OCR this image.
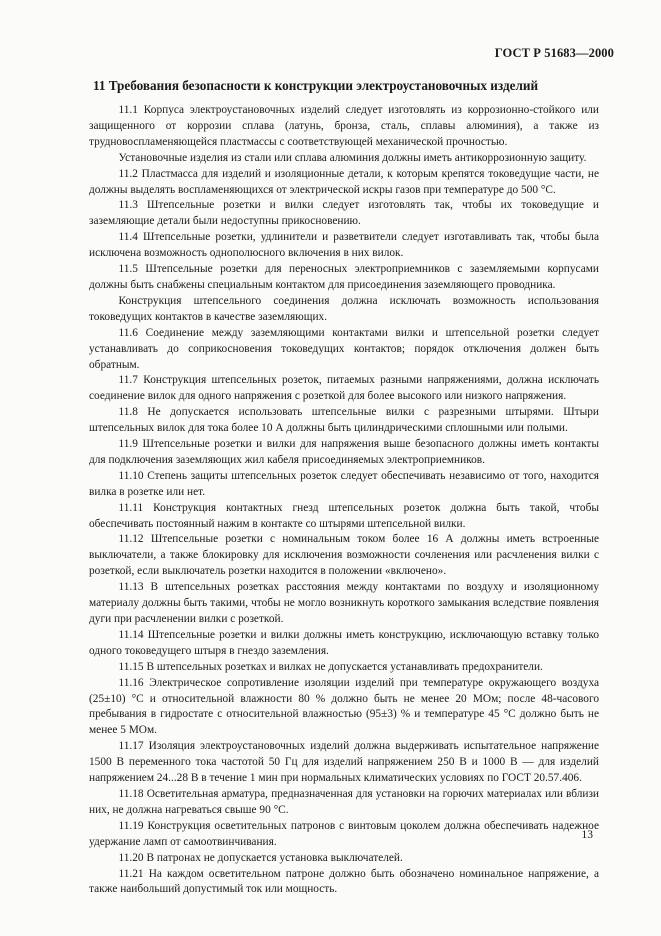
ГОСТ Р 51683—2000
11 Требования безопасности к конструкции электроустановочных изделий

11.1 Корпуса электроустановочных изделий следует изготовлять из коррозионно-стойкого или защищенного от коррозии сплава (латунь, бронза, сталь, сплавы алюминия), а также из трудновоспламеняющейся пластмассы с соответствующей механической прочностью.

Установочные изделия из стали или сплава алюминия должны иметь антикоррозионную защиту.

11.2 Пластмасса для изделий и изоляционные детали, к которым крепятся токоведущие части, не должны выделять воспламеняющихся от электрической искры газов при температуре до 500 °С.

11.3 Штепсельные розетки и вилки следует изготовлять так, чтобы их токоведущие и заземляющие детали были недоступны прикосновению.

11.4 Штепсельные розетки, удлинители и разветвители следует изготавливать так, чтобы была исключена возможность однополюсного включения в них вилок.

11.5 Штепсельные розетки для переносных электроприемников с заземляемыми корпусами должны быть снабжены специальным контактом для присоединения заземляющего проводника.

Конструкция штепсельного соединения должна исключать возможность использования токоведущих контактов в качестве заземляющих.

11.6 Соединение между заземляющими контактами вилки и штепсельной розетки следует устанавливать до соприкосновения токоведущих контактов; порядок отключения должен быть обратным.

11.7 Конструкция штепсельных розеток, питаемых разными напряжениями, должна исключать соединение вилок для одного напряжения с розеткой для более высокого или низкого напряжения.

11.8 Не допускается использовать штепсельные вилки с разрезными штырями. Штыри штепсельных вилок для тока более 10 А должны быть цилиндрическими сплошными или полыми.

11.9 Штепсельные розетки и вилки для напряжения выше безопасного должны иметь контакты для подключения заземляющих жил кабеля присоединяемых электроприемников.

11.10 Степень защиты штепсельных розеток следует обеспечивать независимо от того, находится вилка в розетке или нет.

11.11 Конструкция контактных гнезд штепсельных розеток должна быть такой, чтобы обеспечивать постоянный нажим в контакте со штырями штепсельной вилки.

11.12 Штепсельные розетки с номинальным током более 16 А должны иметь встроенные выключатели, а также блокировку для исключения возможности сочленения или расчленения вилки с розеткой, если выключатель розетки находится в положении «включено».

11.13 В штепсельных розетках расстояния между контактами по воздуху и изоляционному материалу должны быть такими, чтобы не могло возникнуть короткого замыкания вследствие появления дуги при расчленении вилки с розеткой.

11.14 Штепсельные розетки и вилки должны иметь конструкцию, исключающую вставку только одного токоведущего штыря в гнездо заземления.

11.15 В штепсельных розетках и вилках не допускается устанавливать предохранители.

11.16 Электрическое сопротивление изоляции изделий при температуре окружающего воздуха (25±10) °С и относительной влажности 80 % должно быть не менее 20 МОм; после 48-часового пребывания в гидростате с относительной влажностью (95±3) % и температуре 45 °С должно быть не менее 5 МОм.

11.17 Изоляция электроустановочных изделий должна выдерживать испытательное напряжение 1500 В переменного тока частотой 50 Гц для изделий напряжением 250 В и 1000 В — для изделий напряжением 24...28 В в течение 1 мин при нормальных климатических условиях по ГОСТ 20.57.406.

11.18 Осветительная арматура, предназначенная для установки на горючих материалах или вблизи них, не должна нагреваться свыше 90 °С.

11.19 Конструкция осветительных патронов с винтовым цоколем должна обеспечивать надежное удержание ламп от самоотвинчивания.

11.20 В патронах не допускается установка выключателей.

11.21 На каждом осветительном патроне должно быть обозначено номинальное напряжение, а также наибольший допустимый ток или мощность.

13
